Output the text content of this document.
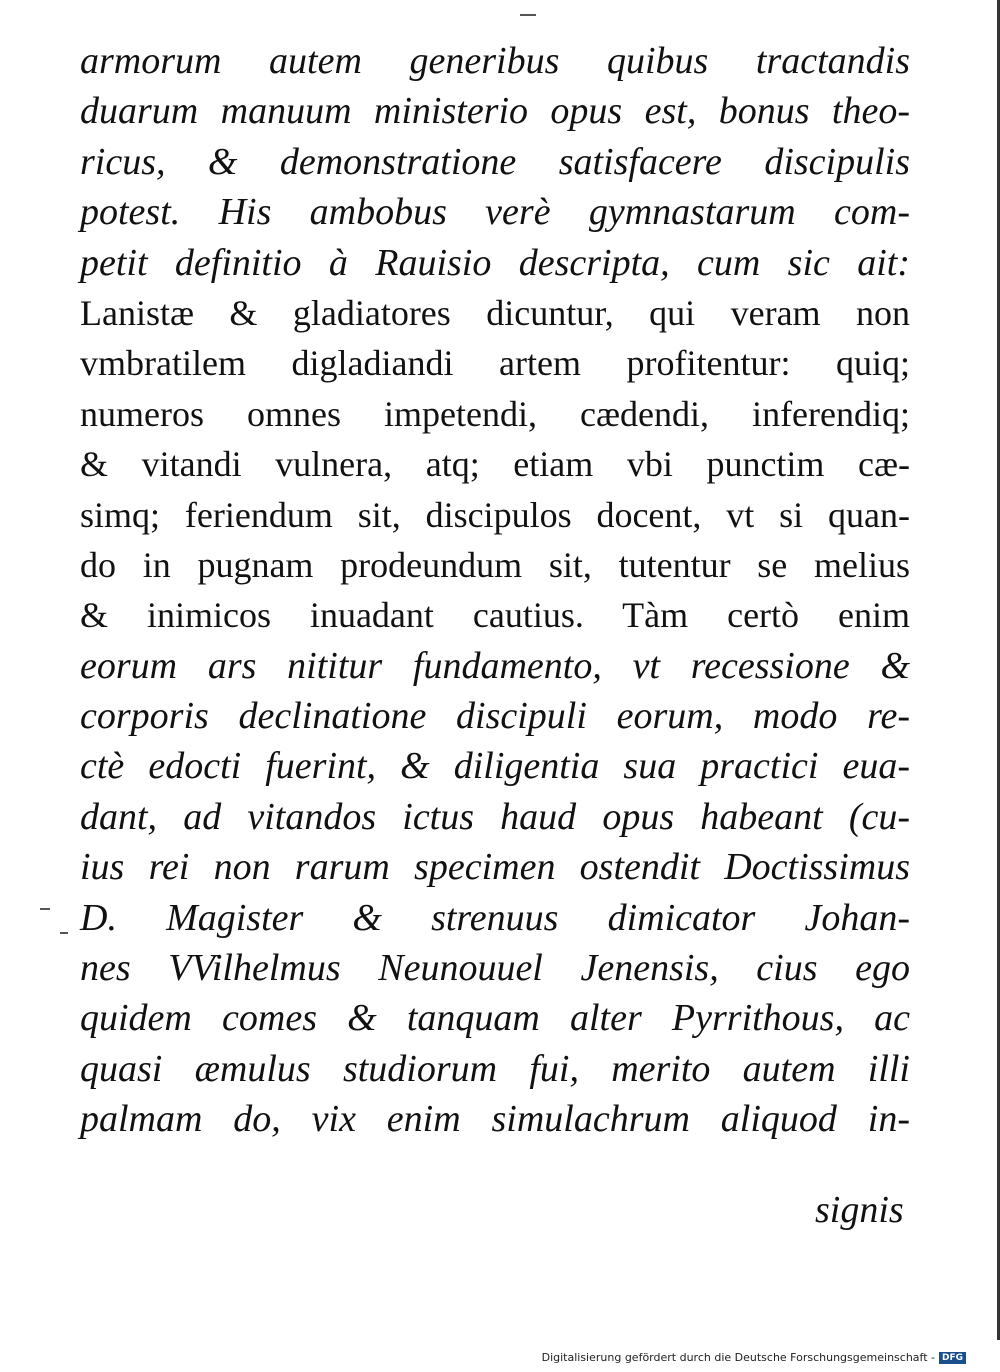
armorum autem generibus quibus tractandis
duarum manuum ministerio opus est, bonus theo-
ricus, & demonstratione satisfacere discipulis
potest. His ambobus verè gymnastarum com-
petit definitio à Rauisio descripta, cum sic ait:
Lanistæ & gladiatores dicuntur, qui veram non
vmbratilem digladiandi artem profitentur: quiq;
numeros omnes impetendi, cædendi, inferendiq;
& vitandi vulnera, atq; etiam vbi punctim cæ-
simq; feriendum sit, discipulos docent, vt si quan-
do in pugnam prodeundum sit, tutentur se melius
& inimicos inuadant cautius. Tàm certò enim
eorum ars nititur fundamento, vt recessione &
corporis declinatione discipuli eorum, modo re-
ctè edocti fuerint, & diligentia sua practici eua-
dant, ad vitandos ictus haud opus habeant (cu-
ius rei non rarum specimen ostendit Doctissimus
D. Magister & strenuus dimicator Johan-
nes VVilhelmus Neunouuel Jenensis, cius ego
quidem comes & tanquam alter Pyrrithous, ac
quasi æmulus studiorum fui, merito autem illi
palmam do, vix enim simulachrum aliquod in-
signis
Digitalisierung gefördert durch die Deutsche Forschungsgemeinschaft - DFG
